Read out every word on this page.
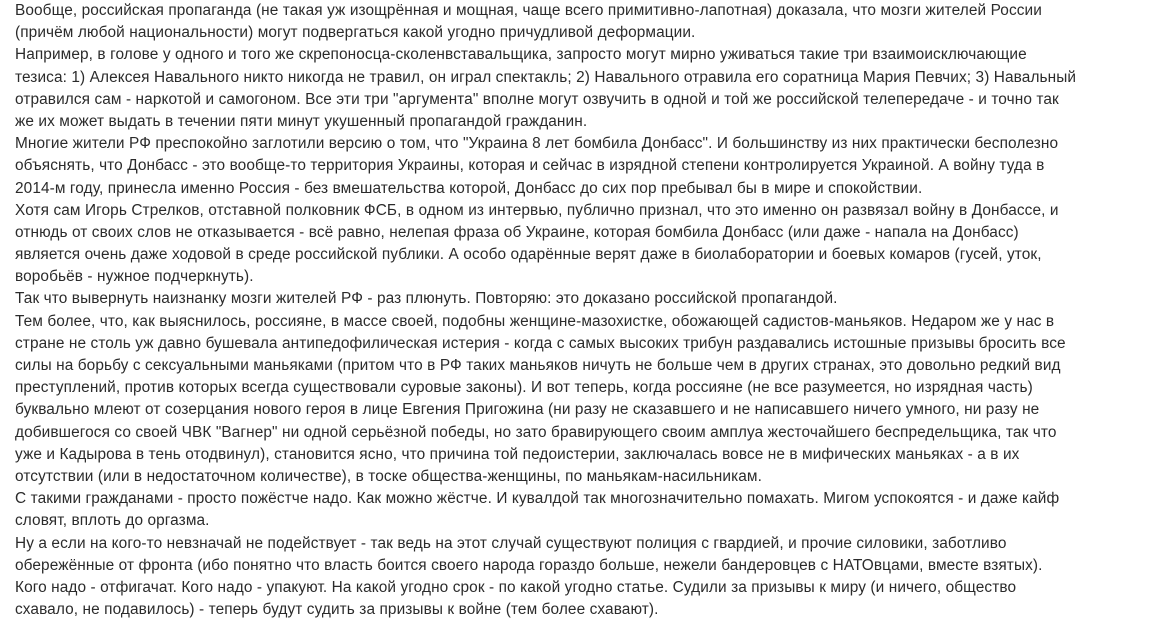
Вообще, российская пропаганда (не такая уж изощрённая и мощная, чаще всего примитивно-лапотная) доказала, что мозги жителей России
(причём любой национальности) могут подвергаться какой угодно причудливой деформации.
Например, в голове у одного и того же скрепоносца-сколенвставальщика, запросто могут мирно уживаться такие три взаимоисключающие
тезиса: 1) Алексея Навального никто никогда не травил, он играл спектакль; 2) Навального отравила его соратница Мария Певчих; 3) Навальный
отравился сам - наркотой и самогоном. Все эти три "аргумента" вполне могут озвучить в одной и той же российской телепередаче - и точно так
же их может выдать в течении пяти минут укушенный пропагандой гражданин.
Многие жители РФ преспокойно заглотили версию о том, что "Украина 8 лет бомбила Донбасс". И большинству из них практически бесполезно
объяснять, что Донбасс - это вообще-то территория Украины, которая и сейчас в изрядной степени контролируется Украиной. А войну туда в
2014-м году, принесла именно Россия - без вмешательства которой, Донбасс до сих пор пребывал бы в мире и спокойствии.
Хотя сам Игорь Стрелков, отставной полковник ФСБ, в одном из интервью, публично признал, что это именно он развязал войну в Донбассе, и
отнюдь от своих слов не отказывается - всё равно, нелепая фраза об Украине, которая бомбила Донбасс (или даже - напала на Донбасс)
является очень даже ходовой в среде российской публики. А особо одарённые верят даже в биолаборатории и боевых комаров (гусей, уток,
воробьёв - нужное подчеркнуть).
Так что вывернуть наизнанку мозги жителей РФ - раз плюнуть. Повторяю: это доказано российской пропагандой.
Тем более, что, как выяснилось, россияне, в массе своей, подобны женщине-мазохистке, обожающей садистов-маньяков. Недаром же у нас в
стране не столь уж давно бушевала антипедофилическая истерия - когда с самых высоких трибун раздавались истошные призывы бросить все
силы на борьбу с сексуальными маньяками (притом что в РФ таких маньяков ничуть не больше чем в других странах, это довольно редкий вид
преступлений, против которых всегда существовали суровые законы). И вот теперь, когда россияне (не все разумеется, но изрядная часть)
буквально млеют от созерцания нового героя в лице Евгения Пригожина (ни разу не сказавшего и не написавшего ничего умного, ни разу не
добившегося со своей ЧВК "Вагнер" ни одной серьёзной победы, но зато бравирующего своим амплуа жесточайшего беспредельщика, так что
уже и Кадырова в тень отодвинул), становится ясно, что причина той педоистерии, заключалась вовсе не в мифических маньяках - а в их
отсутствии (или в недостаточном количестве), в тоске общества-женщины, по маньякам-насильникам.
С такими гражданами - просто пожёстче надо. Как можно жёстче. И кувалдой так многозначительно помахать. Мигом успокоятся - и даже кайф
словят, вплоть до оргазма.
Ну а если на кого-то невзначай не подействует - так ведь на этот случай существуют полиция с гвардией, и прочие силовики, заботливо
обережённые от фронта (ибо понятно что власть боится своего народа гораздо больше, нежели бандеровцев с НАТОвцами, вместе взятых).
Кого надо - отфигачат. Кого надо - упакуют. На какой угодно срок - по какой угодно статье. Судили за призывы к миру (и ничего, общество
схавало, не подавилось) - теперь будут судить за призывы к войне (тем более схавают).
